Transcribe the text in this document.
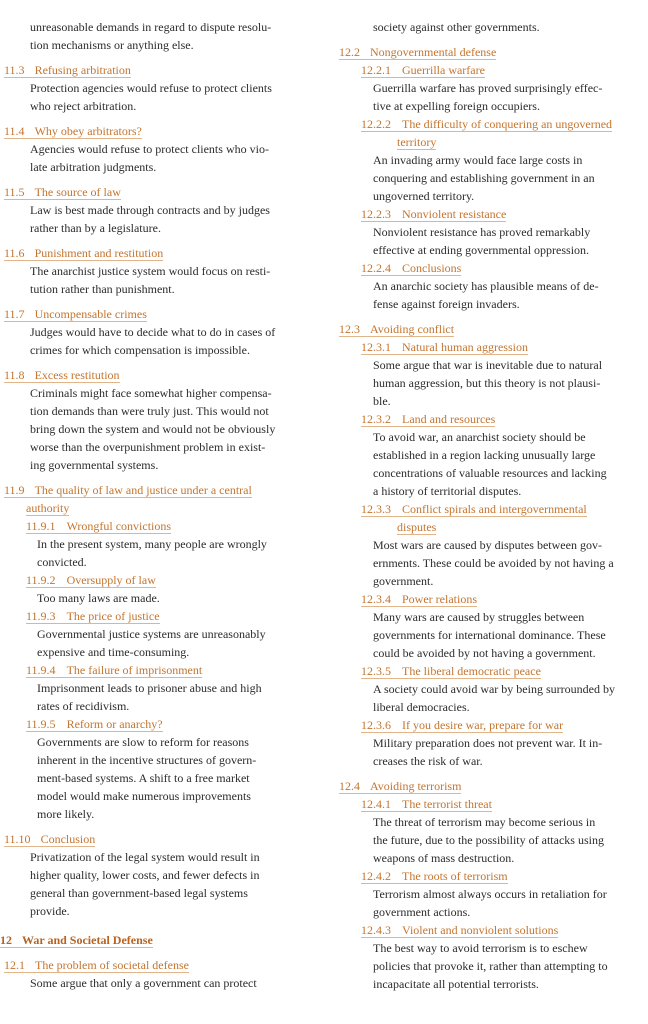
unreasonable demands in regard to dispute resolu-
tion mechanisms or anything else.
11.3 Refusing arbitration
Protection agencies would refuse to protect clients
who reject arbitration.
11.4 Why obey arbitrators?
Agencies would refuse to protect clients who vio-
late arbitration judgments.
11.5 The source of law
Law is best made through contracts and by judges
rather than by a legislature.
11.6 Punishment and restitution
The anarchist justice system would focus on resti-
tution rather than punishment.
11.7 Uncompensable crimes
Judges would have to decide what to do in cases of
crimes for which compensation is impossible.
11.8 Excess restitution
Criminals might face somewhat higher compensa-
tion demands than were truly just. This would not
bring down the system and would not be obviously
worse than the overpunishment problem in exist-
ing governmental systems.
11.9 The quality of law and justice under a central
authority
11.9.1 Wrongful convictions
In the present system, many people are wrongly
convicted.
11.9.2 Oversupply of law
Too many laws are made.
11.9.3 The price of justice
Governmental justice systems are unreasonably
expensive and time-consuming.
11.9.4 The failure of imprisonment
Imprisonment leads to prisoner abuse and high
rates of recidivism.
11.9.5 Reform or anarchy?
Governments are slow to reform for reasons
inherent in the incentive structures of govern-
ment-based systems. A shift to a free market
model would make numerous improvements
more likely.
11.10 Conclusion
Privatization of the legal system would result in
higher quality, lower costs, and fewer defects in
general than government-based legal systems
provide.
12 War and Societal Defense
12.1 The problem of societal defense
Some argue that only a government can protect
society against other governments.
12.2 Nongovernmental defense
12.2.1 Guerrilla warfare
Guerrilla warfare has proved surprisingly effec-
tive at expelling foreign occupiers.
12.2.2 The difficulty of conquering an ungoverned
territory
An invading army would face large costs in
conquering and establishing government in an
ungoverned territory.
12.2.3 Nonviolent resistance
Nonviolent resistance has proved remarkably
effective at ending governmental oppression.
12.2.4 Conclusions
An anarchic society has plausible means of de-
fense against foreign invaders.
12.3 Avoiding conflict
12.3.1 Natural human aggression
Some argue that war is inevitable due to natural
human aggression, but this theory is not plausi-
ble.
12.3.2 Land and resources
To avoid war, an anarchist society should be
established in a region lacking unusually large
concentrations of valuable resources and lacking
a history of territorial disputes.
12.3.3 Conflict spirals and intergovernmental
disputes
Most wars are caused by disputes between gov-
ernments. These could be avoided by not having a
government.
12.3.4 Power relations
Many wars are caused by struggles between
governments for international dominance. These
could be avoided by not having a government.
12.3.5 The liberal democratic peace
A society could avoid war by being surrounded by
liberal democracies.
12.3.6 If you desire war, prepare for war
Military preparation does not prevent war. It in-
creases the risk of war.
12.4 Avoiding terrorism
12.4.1 The terrorist threat
The threat of terrorism may become serious in
the future, due to the possibility of attacks using
weapons of mass destruction.
12.4.2 The roots of terrorism
Terrorism almost always occurs in retaliation for
government actions.
12.4.3 Violent and nonviolent solutions
The best way to avoid terrorism is to eschew
policies that provoke it, rather than attempting to
incapacitate all potential terrorists.
